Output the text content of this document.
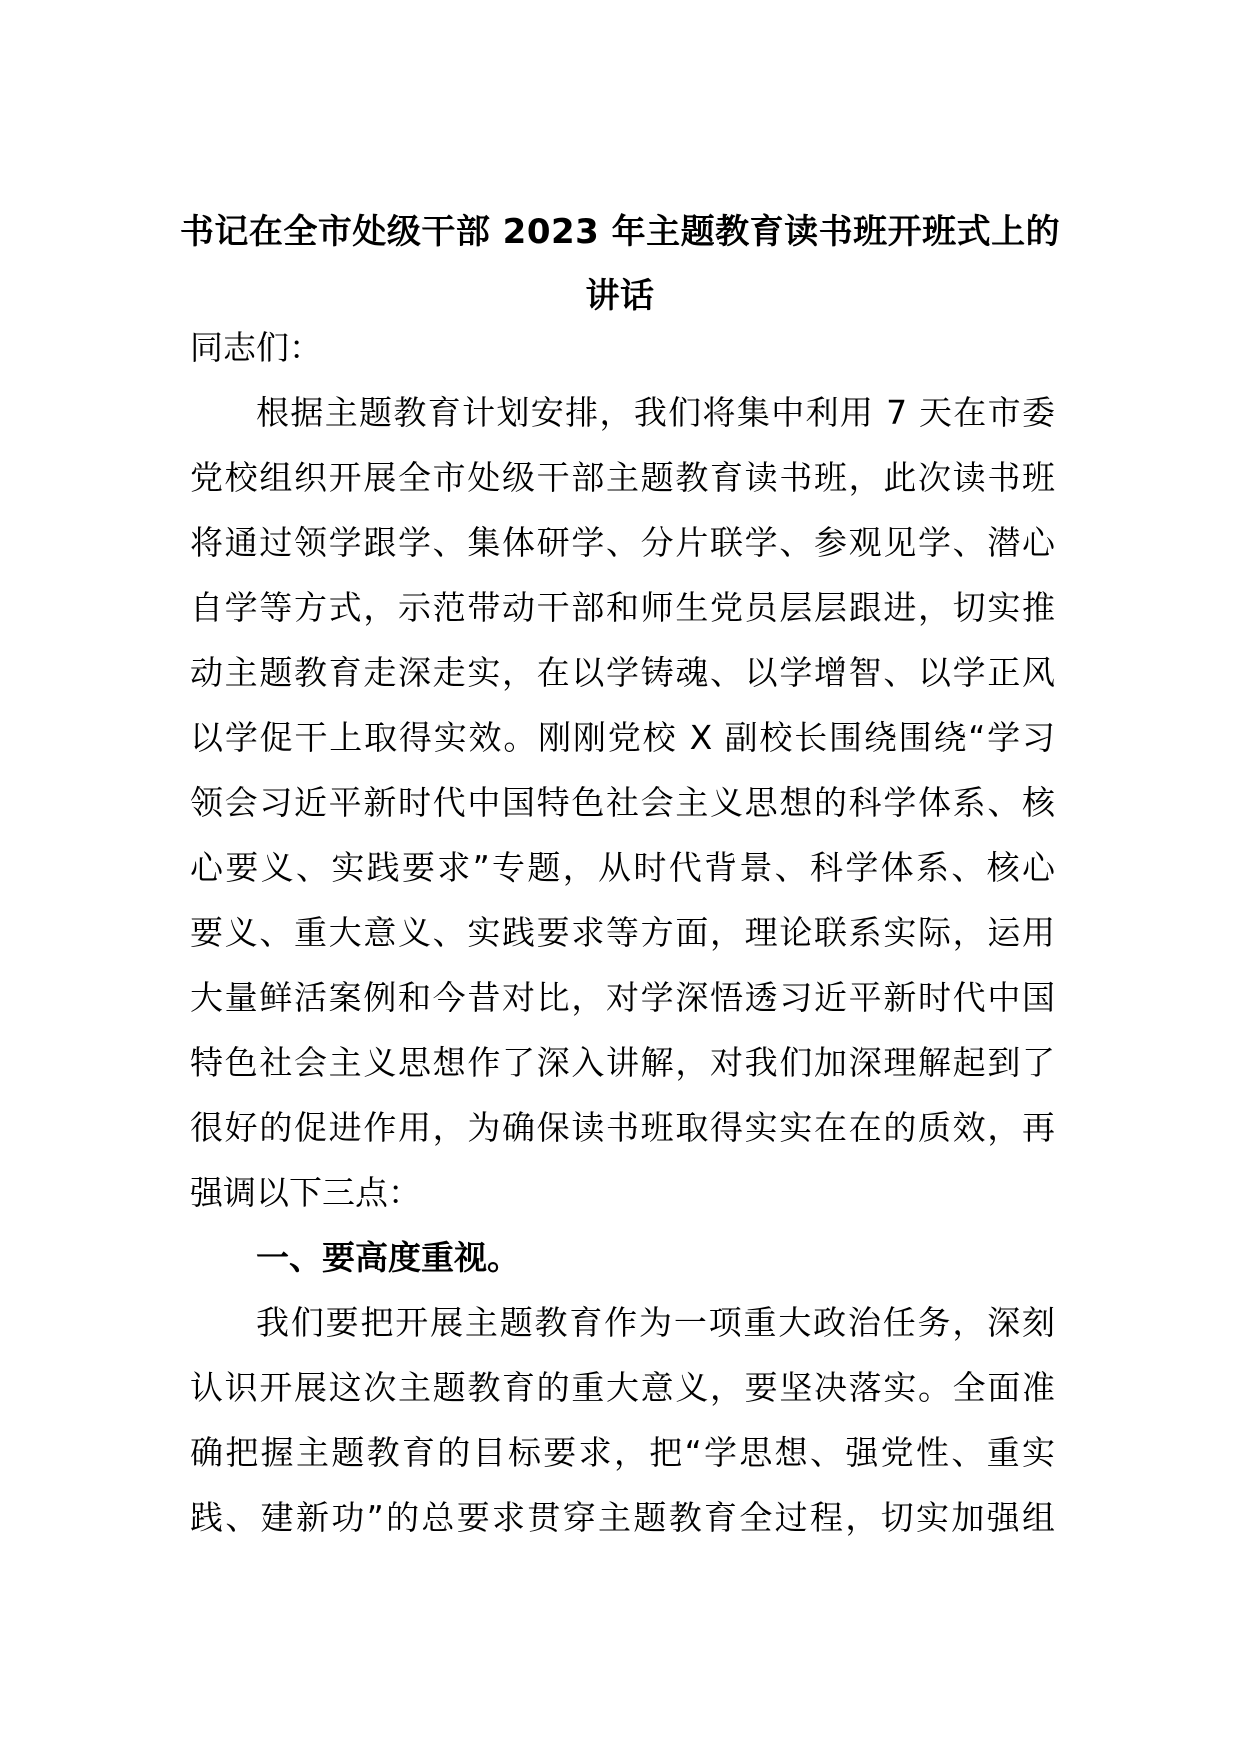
书记在全市处级干部 2023 年主题教育读书班开班式上的
讲话
同志们：
根据主题教育计划安排，我们将集中利用 7 天在市委
党校组织开展全市处级干部主题教育读书班，此次读书班
将通过领学跟学、集体研学、分片联学、参观见学、潜心
自学等方式，示范带动干部和师生党员层层跟进，切实推
动主题教育走深走实，在以学铸魂、以学增智、以学正风
以学促干上取得实效。刚刚党校 X 副校长围绕围绕“学习
领会习近平新时代中国特色社会主义思想的科学体系、核
心要义、实践要求”专题，从时代背景、科学体系、核心
要义、重大意义、实践要求等方面，理论联系实际，运用
大量鲜活案例和今昔对比，对学深悟透习近平新时代中国
特色社会主义思想作了深入讲解，对我们加深理解起到了
很好的促进作用，为确保读书班取得实实在在的质效，再
强调以下三点：
一、要高度重视。
我们要把开展主题教育作为一项重大政治任务，深刻
认识开展这次主题教育的重大意义，要坚决落实。全面准
确把握主题教育的目标要求，把“学思想、强党性、重实
践、建新功”的总要求贯穿主题教育全过程，切实加强组
